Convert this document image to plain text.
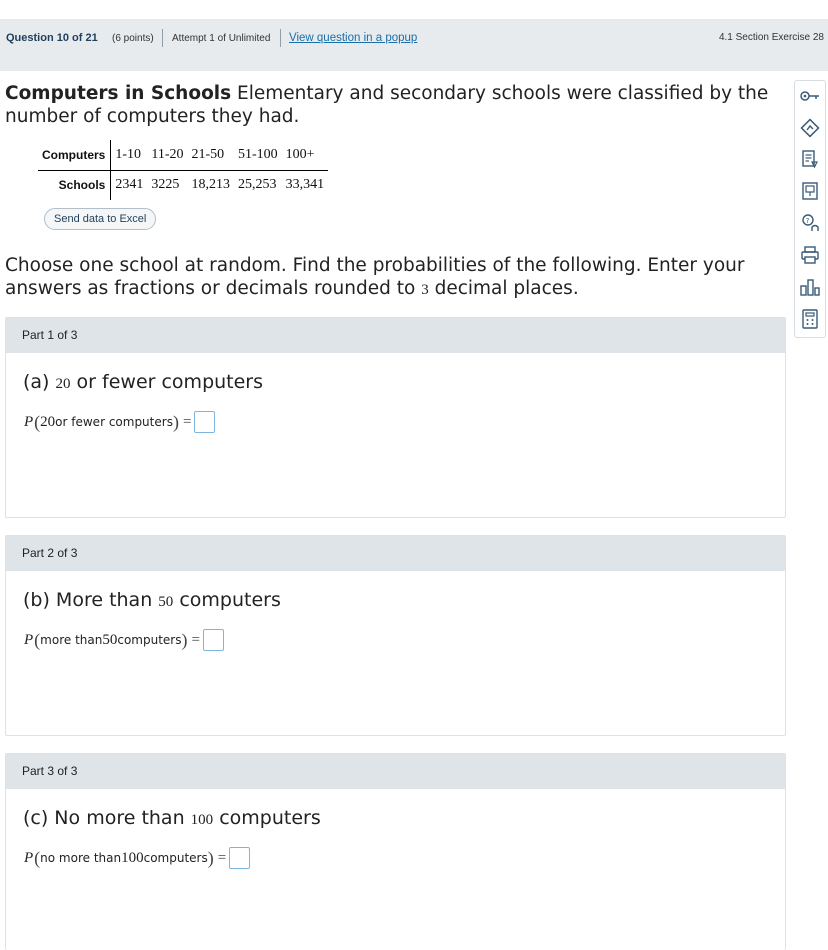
Question 10 of 21 (6 points) Attempt 1 of Unlimited View question in a popup	4.1 Section Exercise 28
Computers in Schools Elementary and secondary schools were classified by the number of computers they had.
Computers	1-10	11-20	21-50	51-100	100+
Schools	2341	3225	18,213	25,253	33,341
Send data to Excel
Choose one school at random. Find the probabilities of the following. Enter your answers as fractions or decimals rounded to 3 decimal places.
Part 1 of 3
(a) 20 or fewer computers
P ( 20 or fewer computers ) =
Part 2 of 3
(b) More than 50 computers
P ( more than 50 computers ) =
Part 3 of 3
(c) No more than 100 computers
P ( no more than 100 computers ) =
?
